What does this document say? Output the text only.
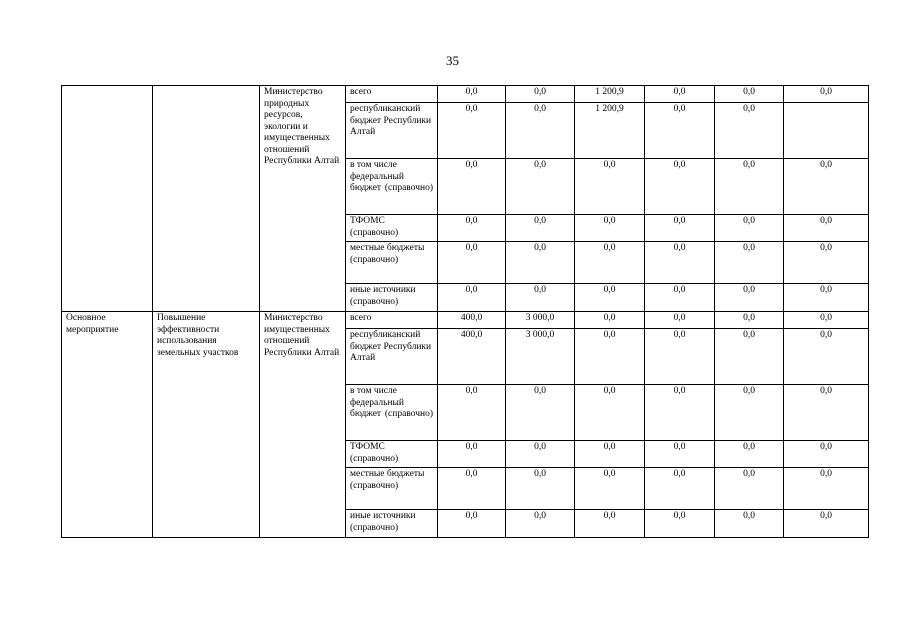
35
		Министерство природных ресурсов, экологии и имущественных отношений Республики Алтай	всего	0,0	0,0	1 200,9	0,0	0,0	0,0
			республиканский бюджет Республики Алтай	0,0	0,0	1 200,9	0,0	0,0	
			в том числе федеральный бюджет (справочно)	0,0	0,0	0,0	0,0	0,0	0,0
			ТФОМС (справочно)	0,0	0,0	0,0	0,0	0,0	0,0
			местные бюджеты (справочно)	0,0	0,0	0,0	0,0	0,0	0,0
			иные источники (справочно)	0,0	0,0	0,0	0,0	0,0	0,0
Основное мероприятие	Повышение эффективности использования земельных участков	Министерство имущественных отношений Республики Алтай	всего	400,0	3 000,0	0,0	0,0	0,0	0,0
			республиканский бюджет Республики Алтай	400,0	3 000,0	0,0	0,0	0,0	0,0
			в том числе федеральный бюджет (справочно)	0,0	0,0	0,0	0,0	0,0	0,0
			ТФОМС (справочно)	0,0	0,0	0,0	0,0	0,0	0,0
			местные бюджеты (справочно)	0,0	0,0	0,0	0,0	0,0	0,0
			иные источники (справочно)	0,0	0,0	0,0	0,0	0,0	0,0
